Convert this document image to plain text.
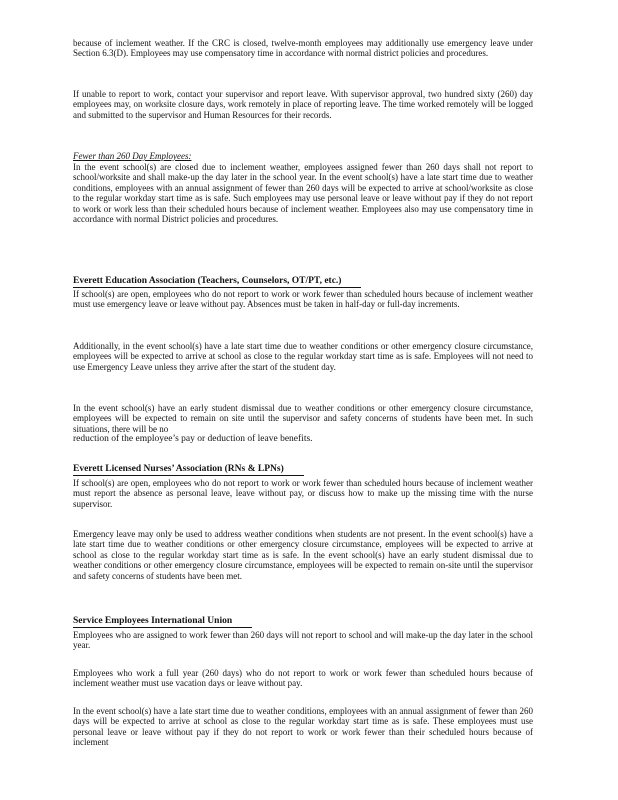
because of inclement weather. If the CRC is closed, twelve-month employees may additionally use emergency leave under Section 6.3(D). Employees may use compensatory time in accordance with normal district policies and procedures.

If unable to report to work, contact your supervisor and report leave. With supervisor approval, two hundred sixty (260) day employees may, on worksite closure days, work remotely in place of reporting leave. The time worked remotely will be logged and submitted to the supervisor and Human Resources for their records.

Fewer than 260 Day Employees:

In the event school(s) are closed due to inclement weather, employees assigned fewer than 260 days shall not report to school/worksite and shall make-up the day later in the school year. In the event school(s) have a late start time due to weather conditions, employees with an annual assignment of fewer than 260 days will be expected to arrive at school/worksite as close to the regular workday start time as is safe. Such employees may use personal leave or leave without pay if they do not report to work or work less than their scheduled hours because of inclement weather. Employees also may use compensatory time in accordance with normal District policies and procedures.

Everett Education Association (Teachers, Counselors, OT/PT, etc.)

If school(s) are open, employees who do not report to work or work fewer than scheduled hours because of inclement weather must use emergency leave or leave without pay. Absences must be taken in half-day or full-day increments.

Additionally, in the event school(s) have a late start time due to weather conditions or other emergency closure circumstance, employees will be expected to arrive at school as close to the regular workday start time as is safe. Employees will not need to use Emergency Leave unless they arrive after the start of the student day.

In the event school(s) have an early student dismissal due to weather conditions or other emergency closure circumstance, employees will be expected to remain on site until the supervisor and safety concerns of students have been met. In such situations, there will be no

reduction of the employee’s pay or deduction of leave benefits.

Everett Licensed Nurses’ Association (RNs & LPNs)

If school(s) are open, employees who do not report to work or work fewer than scheduled hours because of inclement weather must report the absence as personal leave, leave without pay, or discuss how to make up the missing time with the nurse supervisor.

Emergency leave may only be used to address weather conditions when students are not present. In the event school(s) have a late start time due to weather conditions or other emergency closure circumstance, employees will be expected to arrive at school as close to the regular workday start time as is safe. In the event school(s) have an early student dismissal due to weather conditions or other emergency closure circumstance, employees will be expected to remain on-site until the supervisor and safety concerns of students have been met.

Service Employees International Union

Employees who are assigned to work fewer than 260 days will not report to school and will make-up the day later in the school year.

Employees who work a full year (260 days) who do not report to work or work fewer than scheduled hours because of inclement weather must use vacation days or leave without pay.

In the event school(s) have a late start time due to weather conditions, employees with an annual assignment of fewer than 260 days will be expected to arrive at school as close to the regular workday start time as is safe. These employees must use personal leave or leave without pay if they do not report to work or work fewer than their scheduled hours because of inclement
